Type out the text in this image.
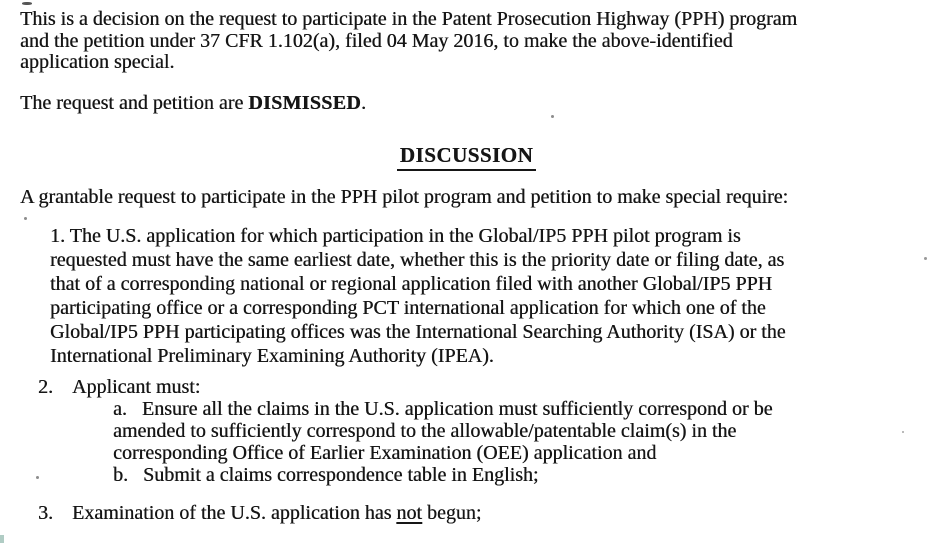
This is a decision on the request to participate in the Patent Prosecution Highway (PPH) program
and the petition under 37 CFR 1.102(a), filed 04 May 2016, to make the above-identified
application special.
The request and petition are DISMISSED.
DISCUSSION
A grantable request to participate in the PPH pilot program and petition to make special require:
1. The U.S. application for which participation in the Global/IP5 PPH pilot program is
requested must have the same earliest date, whether this is the priority date or filing date, as
that of a corresponding national or regional application filed with another Global/IP5 PPH
participating office or a corresponding PCT international application for which one of the
Global/IP5 PPH participating offices was the International Searching Authority (ISA) or the
International Preliminary Examining Authority (IPEA).
2. Applicant must:
a.   Ensure all the claims in the U.S. application must sufficiently correspond or be
amended to sufficiently correspond to the allowable/patentable claim(s) in the
corresponding Office of Earlier Examination (OEE) application and
b.   Submit a claims correspondence table in English;
3. Examination of the U.S. application has not begun;
